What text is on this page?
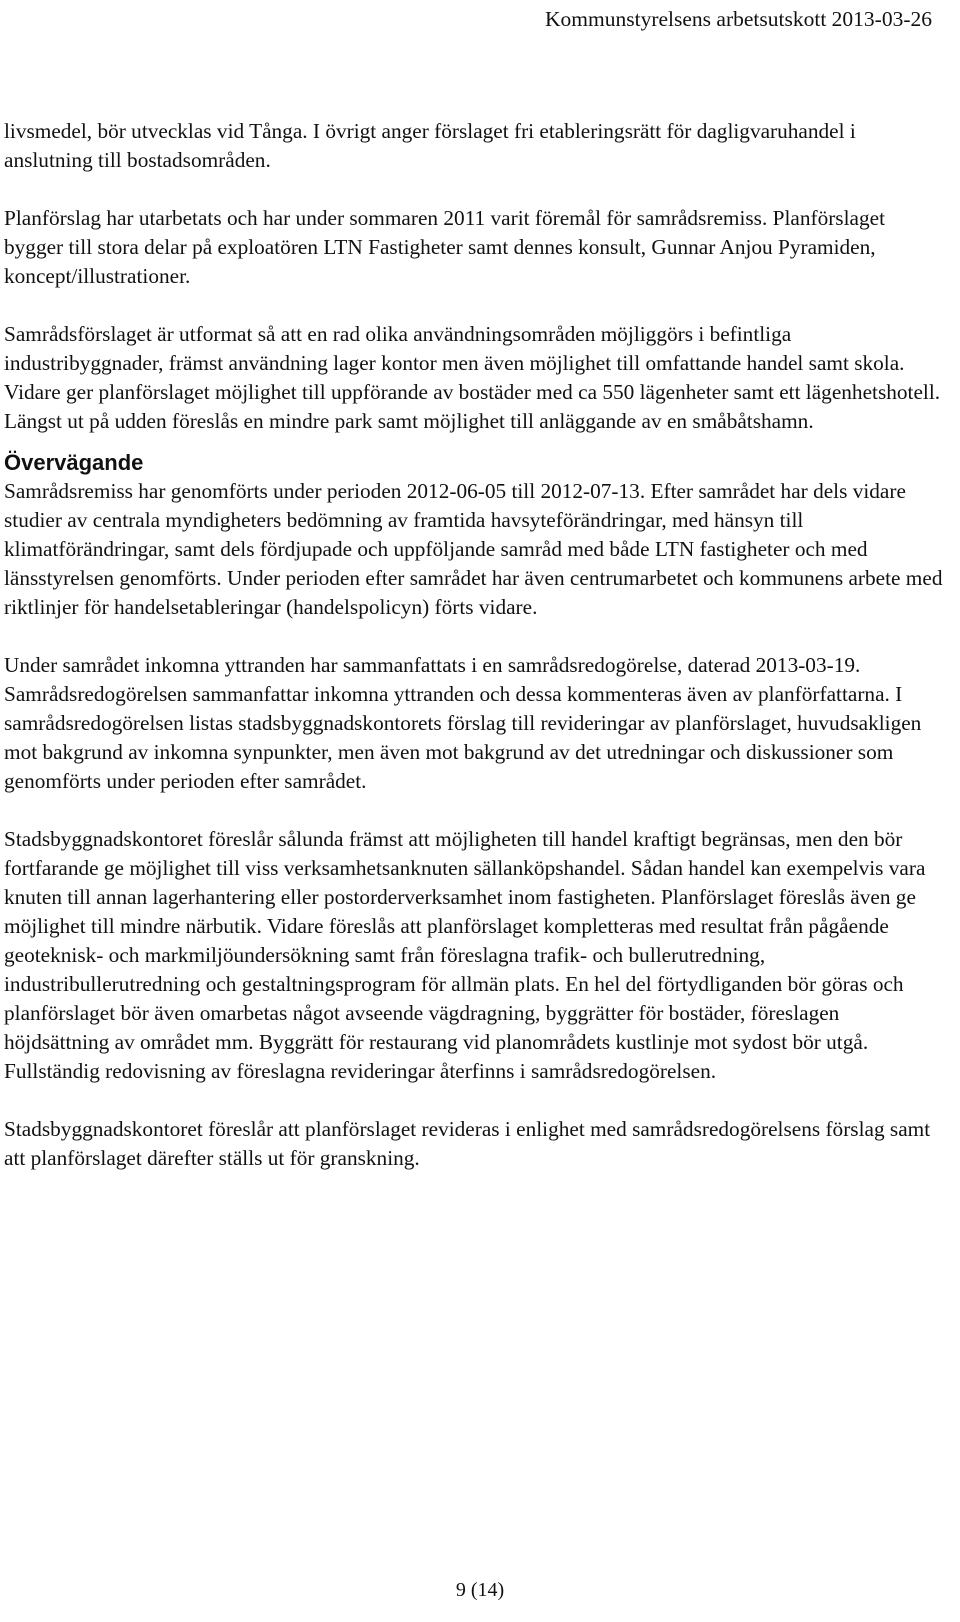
Kommunstyrelsens arbetsutskott 2013-03-26

livsmedel, bör utvecklas vid Tånga. I övrigt anger förslaget fri etableringsrätt för dagligvaruhandel i anslutning till bostadsområden.

Planförslag har utarbetats och har under sommaren 2011 varit föremål för samrådsremiss. Planförslaget bygger till stora delar på exploatören LTN Fastigheter samt dennes konsult, Gunnar Anjou Pyramiden, koncept/illustrationer.

Samrådsförslaget är utformat så att en rad olika användningsområden möjliggörs i befintliga industribyggnader, främst användning lager kontor men även möjlighet till omfattande handel samt skola. Vidare ger planförslaget möjlighet till uppförande av bostäder med ca 550 lägenheter samt ett lägenhetshotell. Längst ut på udden föreslås en mindre park samt möjlighet till anläggande av en småbåtshamn.

Övervägande

Samrådsremiss har genomförts under perioden 2012-06-05 till 2012-07-13. Efter samrådet har dels vidare studier av centrala myndigheters bedömning av framtida havsyteförändringar, med hänsyn till klimatförändringar, samt dels fördjupade och uppföljande samråd med både LTN fastigheter och med länsstyrelsen genomförts. Under perioden efter samrådet har även centrumarbetet och kommunens arbete med riktlinjer för handelsetableringar (handelspolicyn) förts vidare.

Under samrådet inkomna yttranden har sammanfattats i en samrådsredogörelse, daterad 2013-03-19. Samrådsredogörelsen sammanfattar inkomna yttranden och dessa kommenteras även av planförfattarna. I samrådsredogörelsen listas stadsbyggnadskontorets förslag till revideringar av planförslaget, huvudsakligen mot bakgrund av inkomna synpunkter, men även mot bakgrund av det utredningar och diskussioner som genomförts under perioden efter samrådet.

Stadsbyggnadskontoret föreslår sålunda främst att möjligheten till handel kraftigt begränsas, men den bör fortfarande ge möjlighet till viss verksamhetsanknuten sällanköpshandel. Sådan handel kan exempelvis vara knuten till annan lagerhantering eller postorderverksamhet inom fastigheten. Planförslaget föreslås även ge möjlighet till mindre närbutik. Vidare föreslås att planförslaget kompletteras med resultat från pågående geoteknisk- och markmiljöundersökning samt från föreslagna trafik- och bullerutredning, industribullerutredning och gestaltningsprogram för allmän plats. En hel del förtydliganden bör göras och planförslaget bör även omarbetas något avseende vägdragning, byggrätter för bostäder, föreslagen höjdsättning av området mm. Byggrätt för restaurang vid planområdets kustlinje mot sydost bör utgå. Fullständig redovisning av föreslagna revideringar återfinns i samrådsredogörelsen.

Stadsbyggnadskontoret föreslår att planförslaget revideras i enlighet med samrådsredogörelsens förslag samt att planförslaget därefter ställs ut för granskning.

9 (14)
